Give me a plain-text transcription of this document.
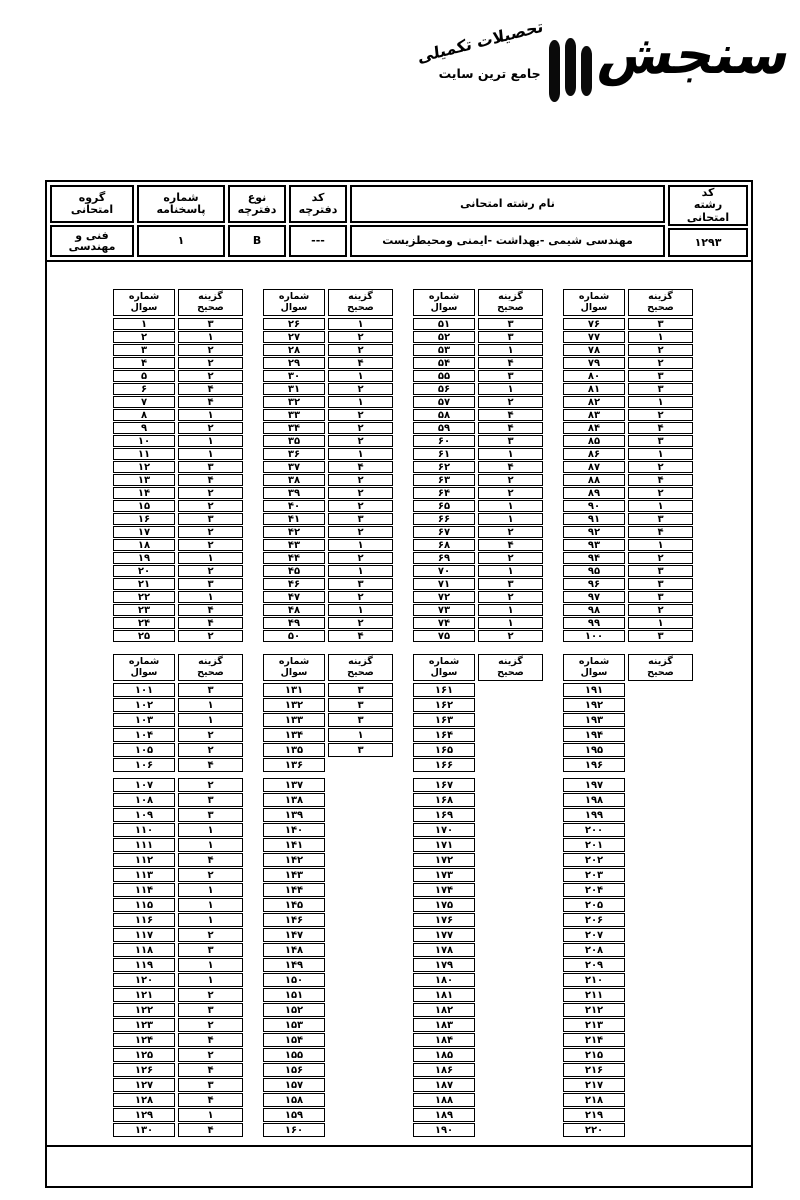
سنجش
تحصیلات تکمیلی
جامع ترین سایت
کد
رشته
امتحانی
۱۲۹۳
نام رشته امتحانی
مهندسی شیمی -بهداشت -ایمنی ومحیطزیست
کد
دفترچه
---
نوع
دفترچه
B
شماره
پاسخنامه
۱
گروه
امتحانی
فنی و
مهندسی
شماره
سوال
گزینه
صحیح
۱	۳
۲	۱
۳	۲
۴	۲
۵	۲
۶	۴
۷	۴
۸	۱
۹	۲
۱۰	۱
۱۱	۱
۱۲	۳
۱۳	۴
۱۴	۲
۱۵	۲
۱۶	۳
۱۷	۲
۱۸	۲
۱۹	۱
۲۰	۲
۲۱	۳
۲۲	۱
۲۳	۴
۲۴	۴
۲۵	۲
شماره
سوال
گزینه
صحیح
۲۶	۱
۲۷	۲
۲۸	۲
۲۹	۴
۳۰	۱
۳۱	۲
۳۲	۱
۳۳	۲
۳۴	۲
۳۵	۲
۳۶	۱
۳۷	۴
۳۸	۲
۳۹	۲
۴۰	۲
۴۱	۳
۴۲	۲
۴۳	۱
۴۴	۲
۴۵	۱
۴۶	۳
۴۷	۲
۴۸	۱
۴۹	۲
۵۰	۴
شماره
سوال
گزینه
صحیح
۵۱	۳
۵۲	۳
۵۳	۱
۵۴	۴
۵۵	۳
۵۶	۱
۵۷	۲
۵۸	۴
۵۹	۴
۶۰	۳
۶۱	۱
۶۲	۴
۶۳	۲
۶۴	۲
۶۵	۱
۶۶	۱
۶۷	۲
۶۸	۴
۶۹	۲
۷۰	۱
۷۱	۳
۷۲	۲
۷۳	۱
۷۴	۱
۷۵	۲
شماره
سوال
گزینه
صحیح
۷۶	۳
۷۷	۱
۷۸	۲
۷۹	۲
۸۰	۳
۸۱	۳
۸۲	۱
۸۳	۲
۸۴	۴
۸۵	۳
۸۶	۱
۸۷	۲
۸۸	۴
۸۹	۲
۹۰	۱
۹۱	۳
۹۲	۴
۹۳	۱
۹۴	۲
۹۵	۳
۹۶	۳
۹۷	۳
۹۸	۲
۹۹	۱
۱۰۰	۳
شماره
سوال
گزینه
صحیح
۱۰۱	۳
۱۰۲	۱
۱۰۳	۱
۱۰۴	۲
۱۰۵	۲
۱۰۶	۴
۱۰۷	۲
۱۰۸	۳
۱۰۹	۳
۱۱۰	۱
۱۱۱	۱
۱۱۲	۴
۱۱۳	۲
۱۱۴	۱
۱۱۵	۱
۱۱۶	۱
۱۱۷	۲
۱۱۸	۳
۱۱۹	۱
۱۲۰	۱
۱۲۱	۲
۱۲۲	۳
۱۲۳	۲
۱۲۴	۴
۱۲۵	۲
۱۲۶	۴
۱۲۷	۳
۱۲۸	۴
۱۲۹	۱
۱۳۰	۴
شماره
سوال
گزینه
صحیح
۱۳۱	۳
۱۳۲	۳
۱۳۳	۳
۱۳۴	۱
۱۳۵	۳
۱۳۶
۱۳۷
۱۳۸
۱۳۹
۱۴۰
۱۴۱
۱۴۲
۱۴۳
۱۴۴
۱۴۵
۱۴۶
۱۴۷
۱۴۸
۱۴۹
۱۵۰
۱۵۱
۱۵۲
۱۵۳
۱۵۴
۱۵۵
۱۵۶
۱۵۷
۱۵۸
۱۵۹
۱۶۰
شماره
سوال
گزینه
صحیح
۱۶۱
۱۶۲
۱۶۳
۱۶۴
۱۶۵
۱۶۶
۱۶۷
۱۶۸
۱۶۹
۱۷۰
۱۷۱
۱۷۲
۱۷۳
۱۷۴
۱۷۵
۱۷۶
۱۷۷
۱۷۸
۱۷۹
۱۸۰
۱۸۱
۱۸۲
۱۸۳
۱۸۴
۱۸۵
۱۸۶
۱۸۷
۱۸۸
۱۸۹
۱۹۰
شماره
سوال
گزینه
صحیح
۱۹۱
۱۹۲
۱۹۳
۱۹۴
۱۹۵
۱۹۶
۱۹۷
۱۹۸
۱۹۹
۲۰۰
۲۰۱
۲۰۲
۲۰۳
۲۰۴
۲۰۵
۲۰۶
۲۰۷
۲۰۸
۲۰۹
۲۱۰
۲۱۱
۲۱۲
۲۱۳
۲۱۴
۲۱۵
۲۱۶
۲۱۷
۲۱۸
۲۱۹
۲۲۰
